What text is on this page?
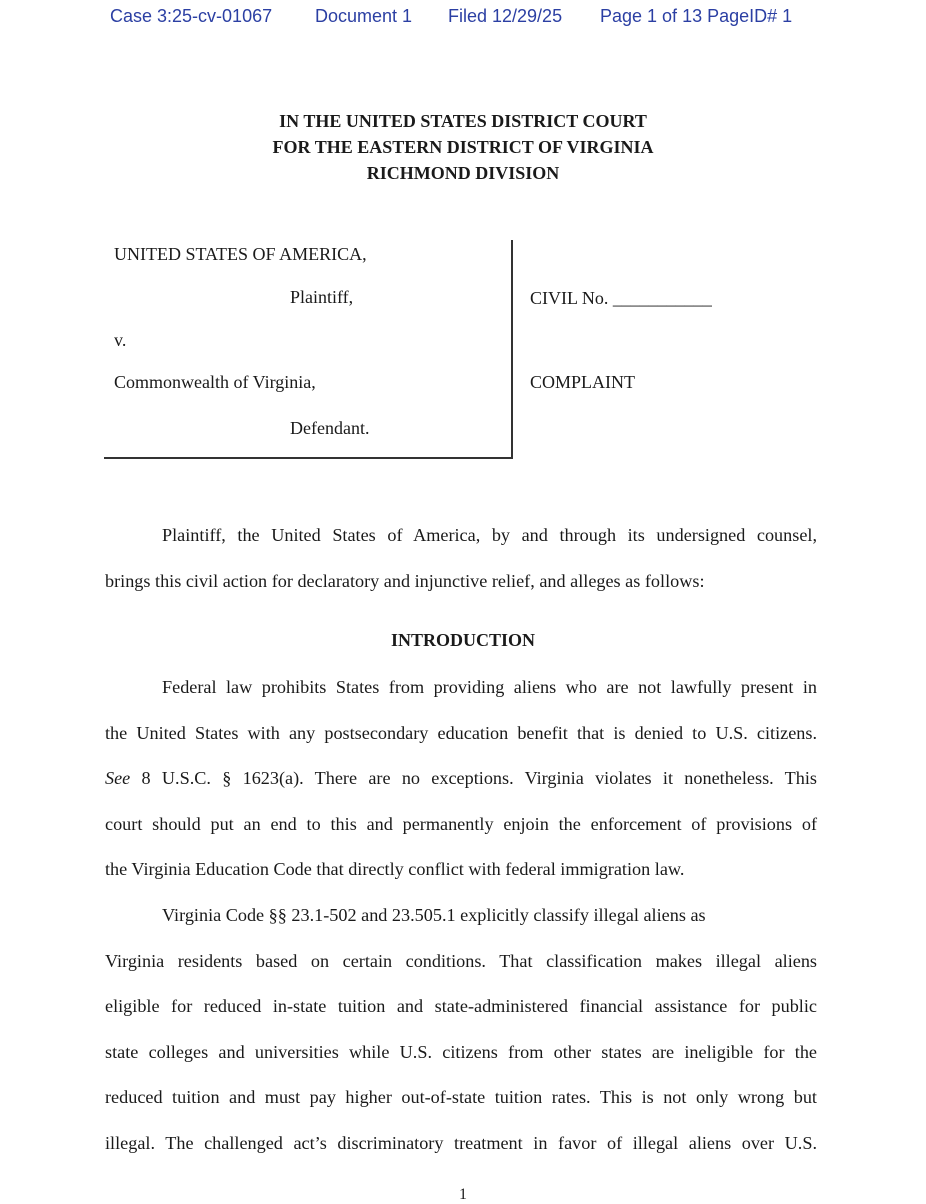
Case 3:25-cv-01067 Document 1 Filed 12/29/25 Page 1 of 13 PageID# 1
IN THE UNITED STATES DISTRICT COURT
FOR THE EASTERN DISTRICT OF VIRGINIA
RICHMOND DIVISION
UNITED STATES OF AMERICA,
Plaintiff,
v.
Commonwealth of Virginia,
Defendant.
CIVIL No. ___________
COMPLAINT
Plaintiff, the United States of America, by and through its undersigned counsel,
brings this civil action for declaratory and injunctive relief, and alleges as follows:
INTRODUCTION
Federal law prohibits States from providing aliens who are not lawfully present in
the United States with any postsecondary education benefit that is denied to U.S. citizens.
See 8 U.S.C. § 1623(a). There are no exceptions. Virginia violates it nonetheless. This
court should put an end to this and permanently enjoin the enforcement of provisions of
the Virginia Education Code that directly conflict with federal immigration law.
Virginia Code §§ 23.1-502 and 23.505.1 explicitly classify illegal aliens as
Virginia residents based on certain conditions. That classification makes illegal aliens
eligible for reduced in-state tuition and state-administered financial assistance for public
state colleges and universities while U.S. citizens from other states are ineligible for the
reduced tuition and must pay higher out-of-state tuition rates. This is not only wrong but
illegal. The challenged act’s discriminatory treatment in favor of illegal aliens over U.S.
1
